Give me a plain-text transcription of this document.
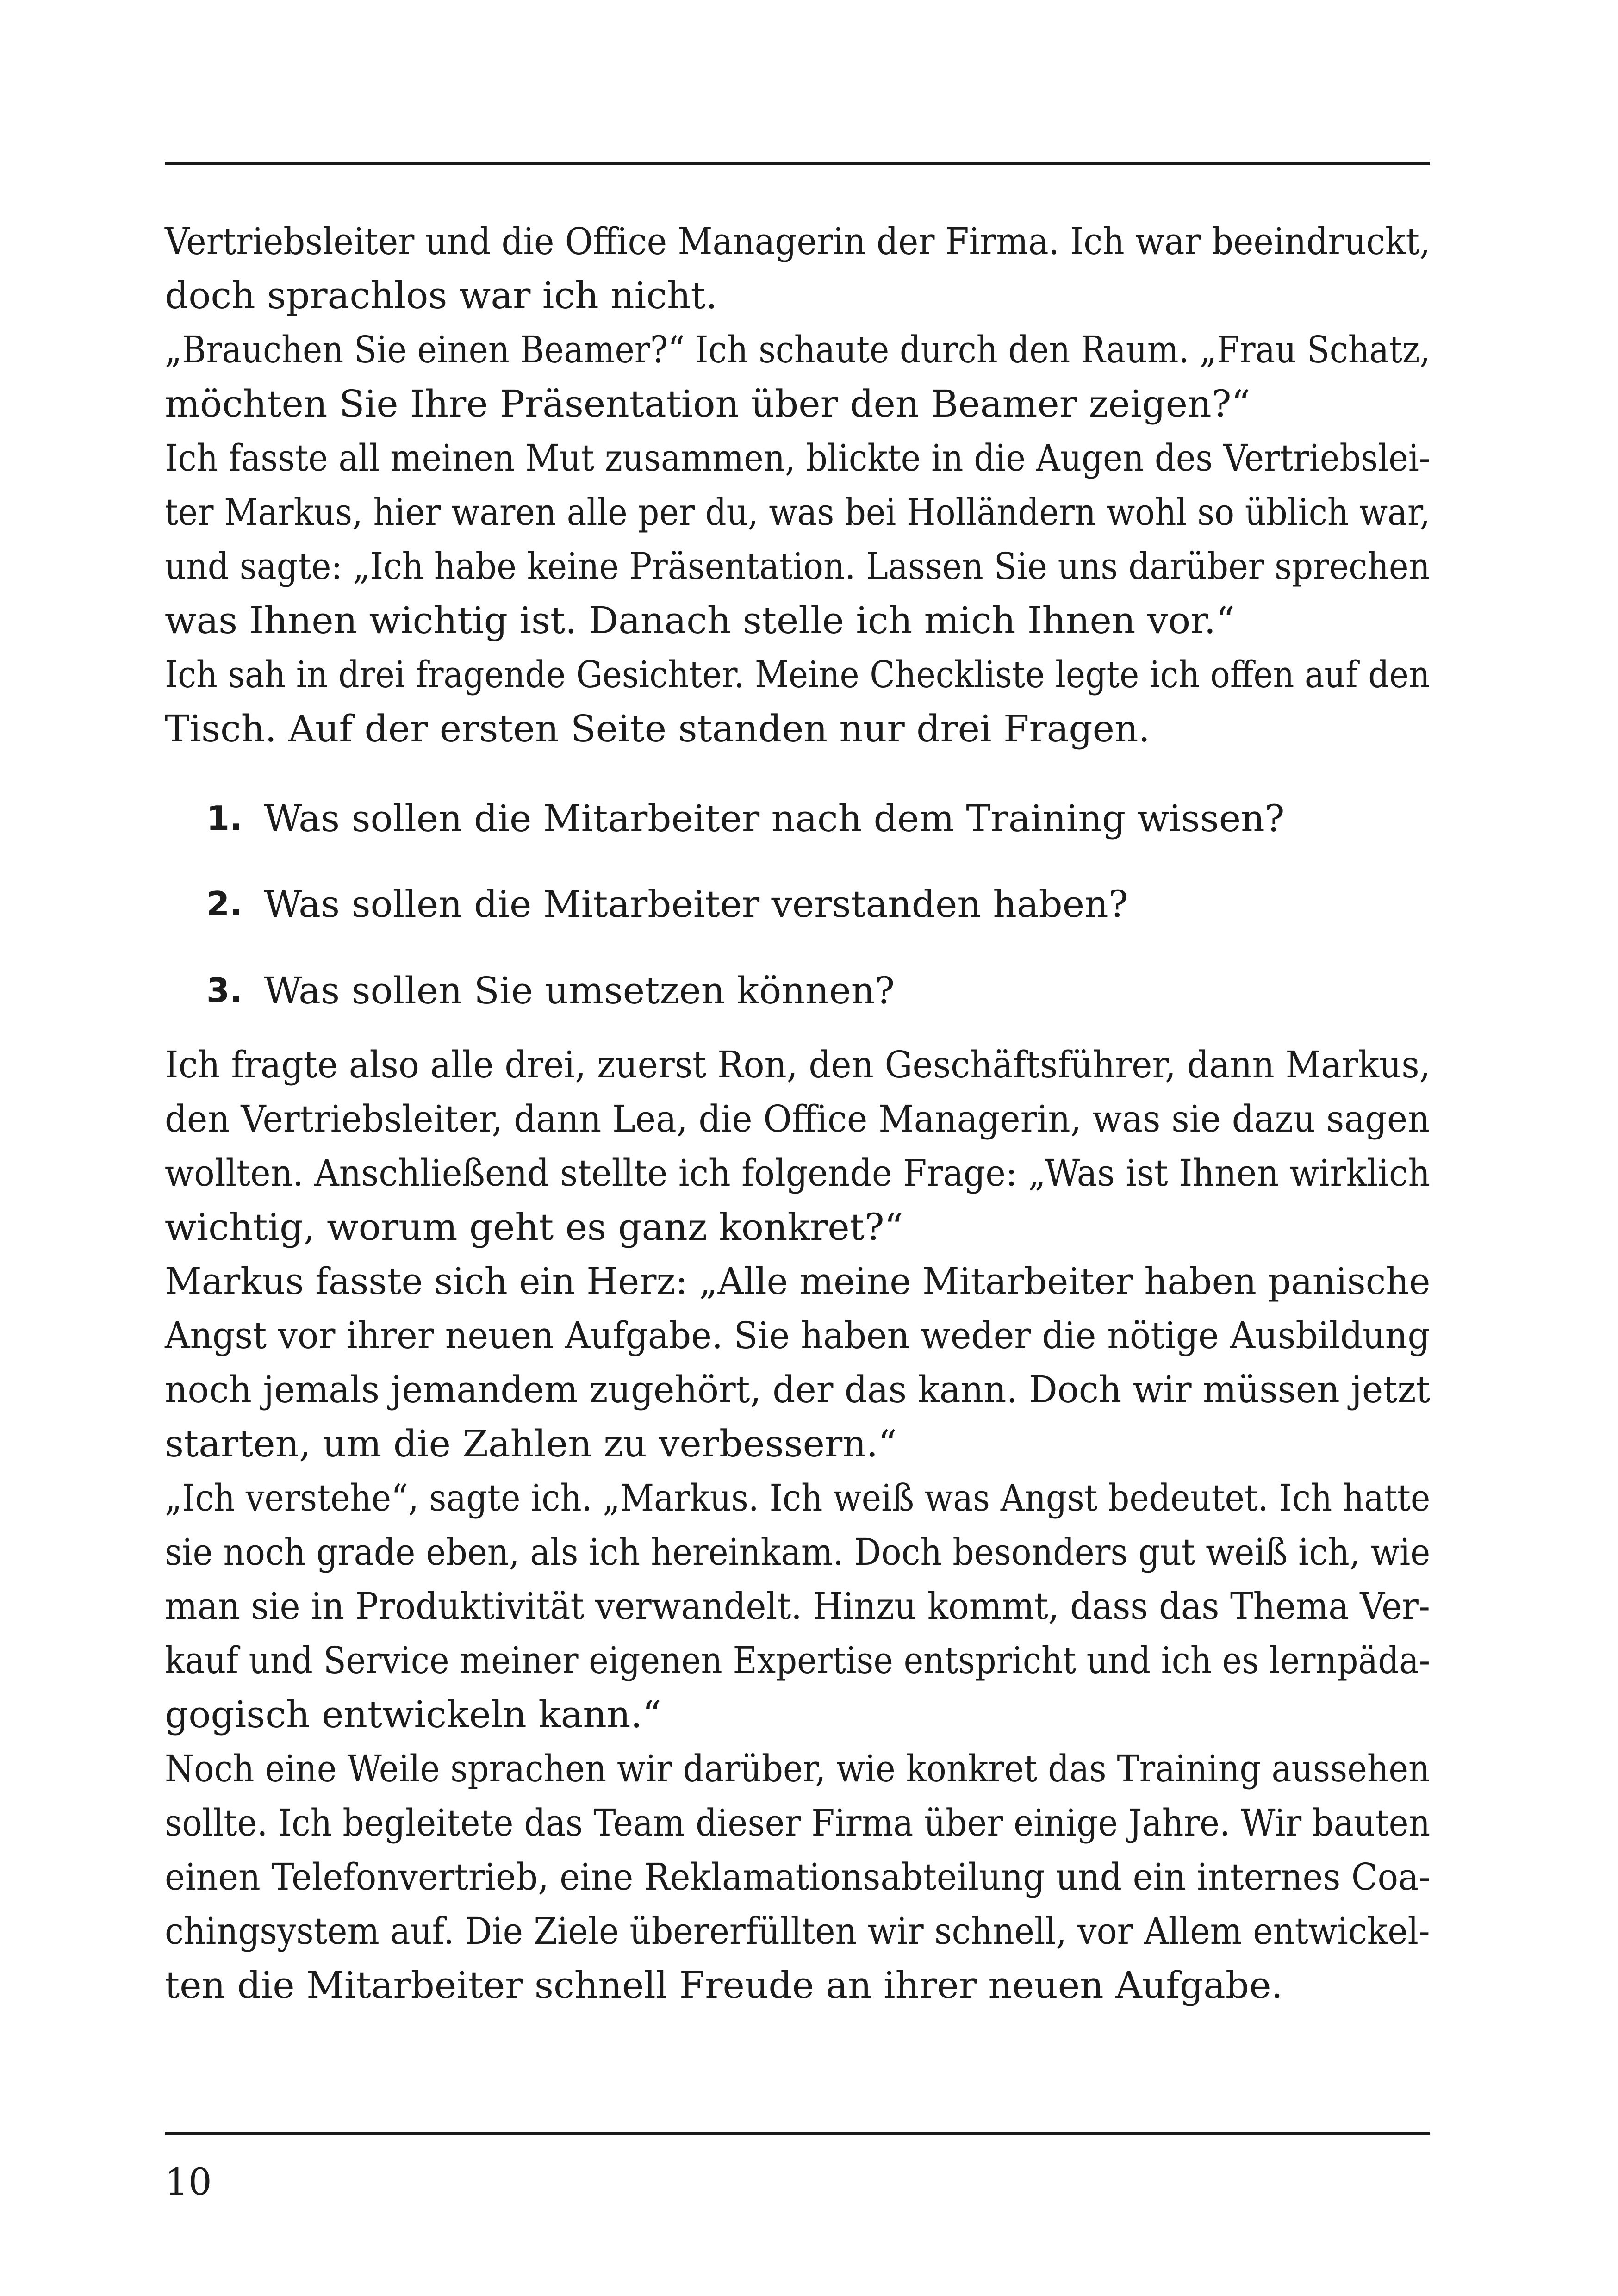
Vertriebsleiter und die Office Managerin der Firma. Ich war beeindruckt,
doch sprachlos war ich nicht.
„Brauchen Sie einen Beamer?“ Ich schaute durch den Raum. „Frau Schatz,
möchten Sie Ihre Präsentation über den Beamer zeigen?“
Ich fasste all meinen Mut zusammen, blickte in die Augen des Vertriebslei-
ter Markus, hier waren alle per du, was bei Holländern wohl so üblich war,
und sagte: „Ich habe keine Präsentation. Lassen Sie uns darüber sprechen
was Ihnen wichtig ist. Danach stelle ich mich Ihnen vor.“
Ich sah in drei fragende Gesichter. Meine Checkliste legte ich offen auf den
Tisch. Auf der ersten Seite standen nur drei Fragen.
1. Was sollen die Mitarbeiter nach dem Training wissen?
2. Was sollen die Mitarbeiter verstanden haben?
3. Was sollen Sie umsetzen können?
Ich fragte also alle drei, zuerst Ron, den Geschäftsführer, dann Markus,
den Vertriebsleiter, dann Lea, die Office Managerin, was sie dazu sagen
wollten. Anschließend stellte ich folgende Frage: „Was ist Ihnen wirklich
wichtig, worum geht es ganz konkret?“
Markus fasste sich ein Herz: „Alle meine Mitarbeiter haben panische
Angst vor ihrer neuen Aufgabe. Sie haben weder die nötige Ausbildung
noch jemals jemandem zugehört, der das kann. Doch wir müssen jetzt
starten, um die Zahlen zu verbessern.“
„Ich verstehe“, sagte ich. „Markus. Ich weiß was Angst bedeutet. Ich hatte
sie noch grade eben, als ich hereinkam. Doch besonders gut weiß ich, wie
man sie in Produktivität verwandelt. Hinzu kommt, dass das Thema Ver-
kauf und Service meiner eigenen Expertise entspricht und ich es lernpäda-
gogisch entwickeln kann.“
Noch eine Weile sprachen wir darüber, wie konkret das Training aussehen
sollte. Ich begleitete das Team dieser Firma über einige Jahre. Wir bauten
einen Telefonvertrieb, eine Reklamationsabteilung und ein internes Coa-
chingsystem auf. Die Ziele übererfüllten wir schnell, vor Allem entwickel-
ten die Mitarbeiter schnell Freude an ihrer neuen Aufgabe.
10
